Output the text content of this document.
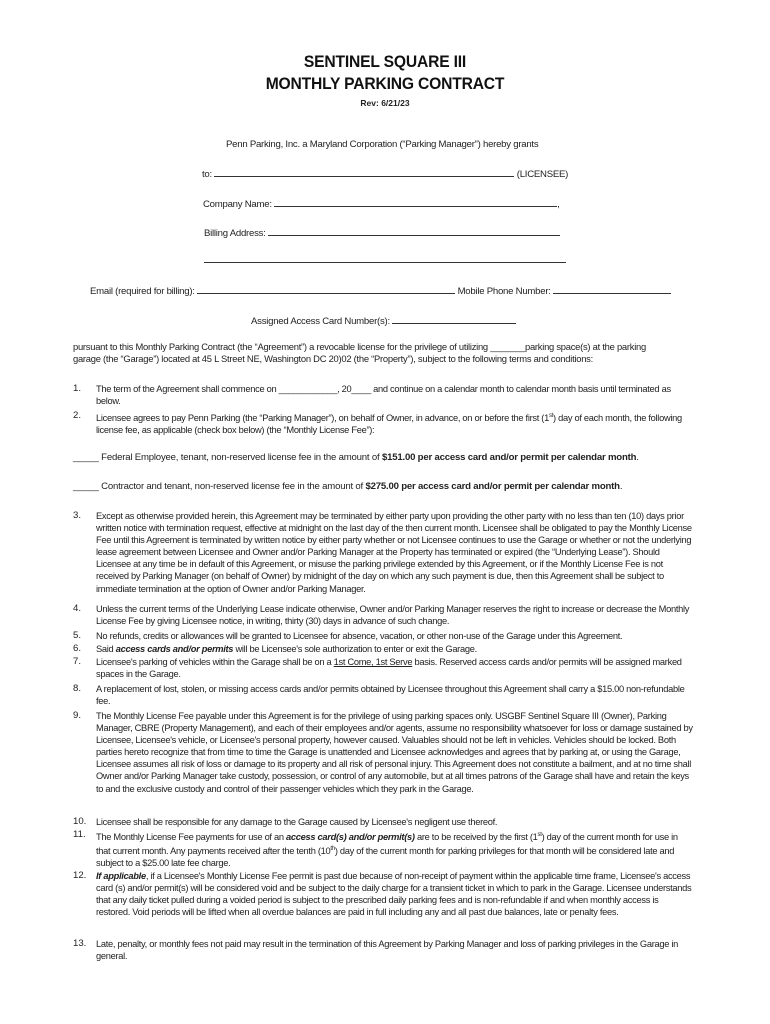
SENTINEL SQUARE III
MONTHLY PARKING CONTRACT
Rev: 6/21/23
Penn Parking, Inc. a Maryland Corporation (“Parking Manager”) hereby grants
to:	(LICENSEE)
Company Name:	,
Billing Address:
Email (required for billing):	Mobile Phone Number:
Assigned Access Card Number(s):
pursuant to this Monthly Parking Contract (the “Agreement”) a revocable license for the privilege of utilizing _______parking space(s) at the parking
garage (the “Garage”) located at 45 L Street NE, Washington DC 20)02 (the “Property”), subject to the following terms and conditions:
1.	The term of the Agreement shall commence on ____________, 20____ and continue on a calendar month to calendar month basis until terminated as below.
2.	Licensee agrees to pay Penn Parking (the “Parking Manager”), on behalf of Owner, in advance, on or before the first (1st) day of each month, the following license fee, as applicable (check box below) (the “Monthly License Fee”):
_____ Federal Employee, tenant, non-reserved license fee in the amount of $151.00 per access card and/or permit per calendar month.
_____ Contractor and tenant, non-reserved license fee in the amount of $275.00 per access card and/or permit per calendar month.
3.	Except as otherwise provided herein, this Agreement may be terminated by either party upon providing the other party with no less than ten (10) days prior written notice with termination request, effective at midnight on the last day of the then current month. Licensee shall be obligated to pay the Monthly License Fee until this Agreement is terminated by written notice by either party whether or not Licensee continues to use the Garage or whether or not the underlying lease agreement between Licensee and Owner and/or Parking Manager at the Property has terminated or expired (the “Underlying Lease”). Should Licensee at any time be in default of this Agreement, or misuse the parking privilege extended by this Agreement, or if the Monthly License Fee is not received by Parking Manager (on behalf of Owner) by midnight of the day on which any such payment is due, then this Agreement shall be subject to immediate termination at the option of Owner and/or Parking Manager.
4.	Unless the current terms of the Underlying Lease indicate otherwise, Owner and/or Parking Manager reserves the right to increase or decrease the Monthly License Fee by giving Licensee notice, in writing, thirty (30) days in advance of such change.
5.	No refunds, credits or allowances will be granted to Licensee for absence, vacation, or other non-use of the Garage under this Agreement.
6.	Said access cards and/or permits will be Licensee's sole authorization to enter or exit the Garage.
7.	Licensee's parking of vehicles within the Garage shall be on a 1st Come, 1st Serve basis. Reserved access cards and/or permits will be assigned marked spaces in the Garage.
8.	A replacement of lost, stolen, or missing access cards and/or permits obtained by Licensee throughout this Agreement shall carry a $15.00 non-refundable fee.
9.	The Monthly License Fee payable under this Agreement is for the privilege of using parking spaces only. USGBF Sentinel Square III (Owner), Parking Manager, CBRE (Property Management), and each of their employees and/or agents, assume no responsibility whatsoever for loss or damage sustained by Licensee, Licensee's vehicle, or Licensee's personal property, however caused. Valuables should not be left in vehicles. Vehicles should be locked. Both parties hereto recognize that from time to time the Garage is unattended and Licensee acknowledges and agrees that by parking at, or using the Garage, Licensee assumes all risk of loss or damage to its property and all risk of personal injury. This Agreement does not constitute a bailment, and at no time shall Owner and/or Parking Manager take custody, possession, or control of any automobile, but at all times patrons of the Garage shall have and retain the keys to and the exclusive custody and control of their passenger vehicles which they park in the Garage.
10.	Licensee shall be responsible for any damage to the Garage caused by Licensee's negligent use thereof.
11.	The Monthly License Fee payments for use of an access card(s) and/or permit(s) are to be received by the first (1st) day of the current month for use in that current month. Any payments received after the tenth (10th) day of the current month for parking privileges for that month will be considered late and subject to a $25.00 late fee charge.
12.	If applicable, if a Licensee's Monthly License Fee permit is past due because of non-receipt of payment within the applicable time frame, Licensee's access card (s) and/or permit(s) will be considered void and be subject to the daily charge for a transient ticket in which to park in the Garage. Licensee understands that any daily ticket pulled during a voided period is subject to the prescribed daily parking fees and is non-refundable if and when monthly access is restored. Void periods will be lifted when all overdue balances are paid in full including any and all past due balances, late or penalty fees.
13.	Late, penalty, or monthly fees not paid may result in the termination of this Agreement by Parking Manager and loss of parking privileges in the Garage in general.
